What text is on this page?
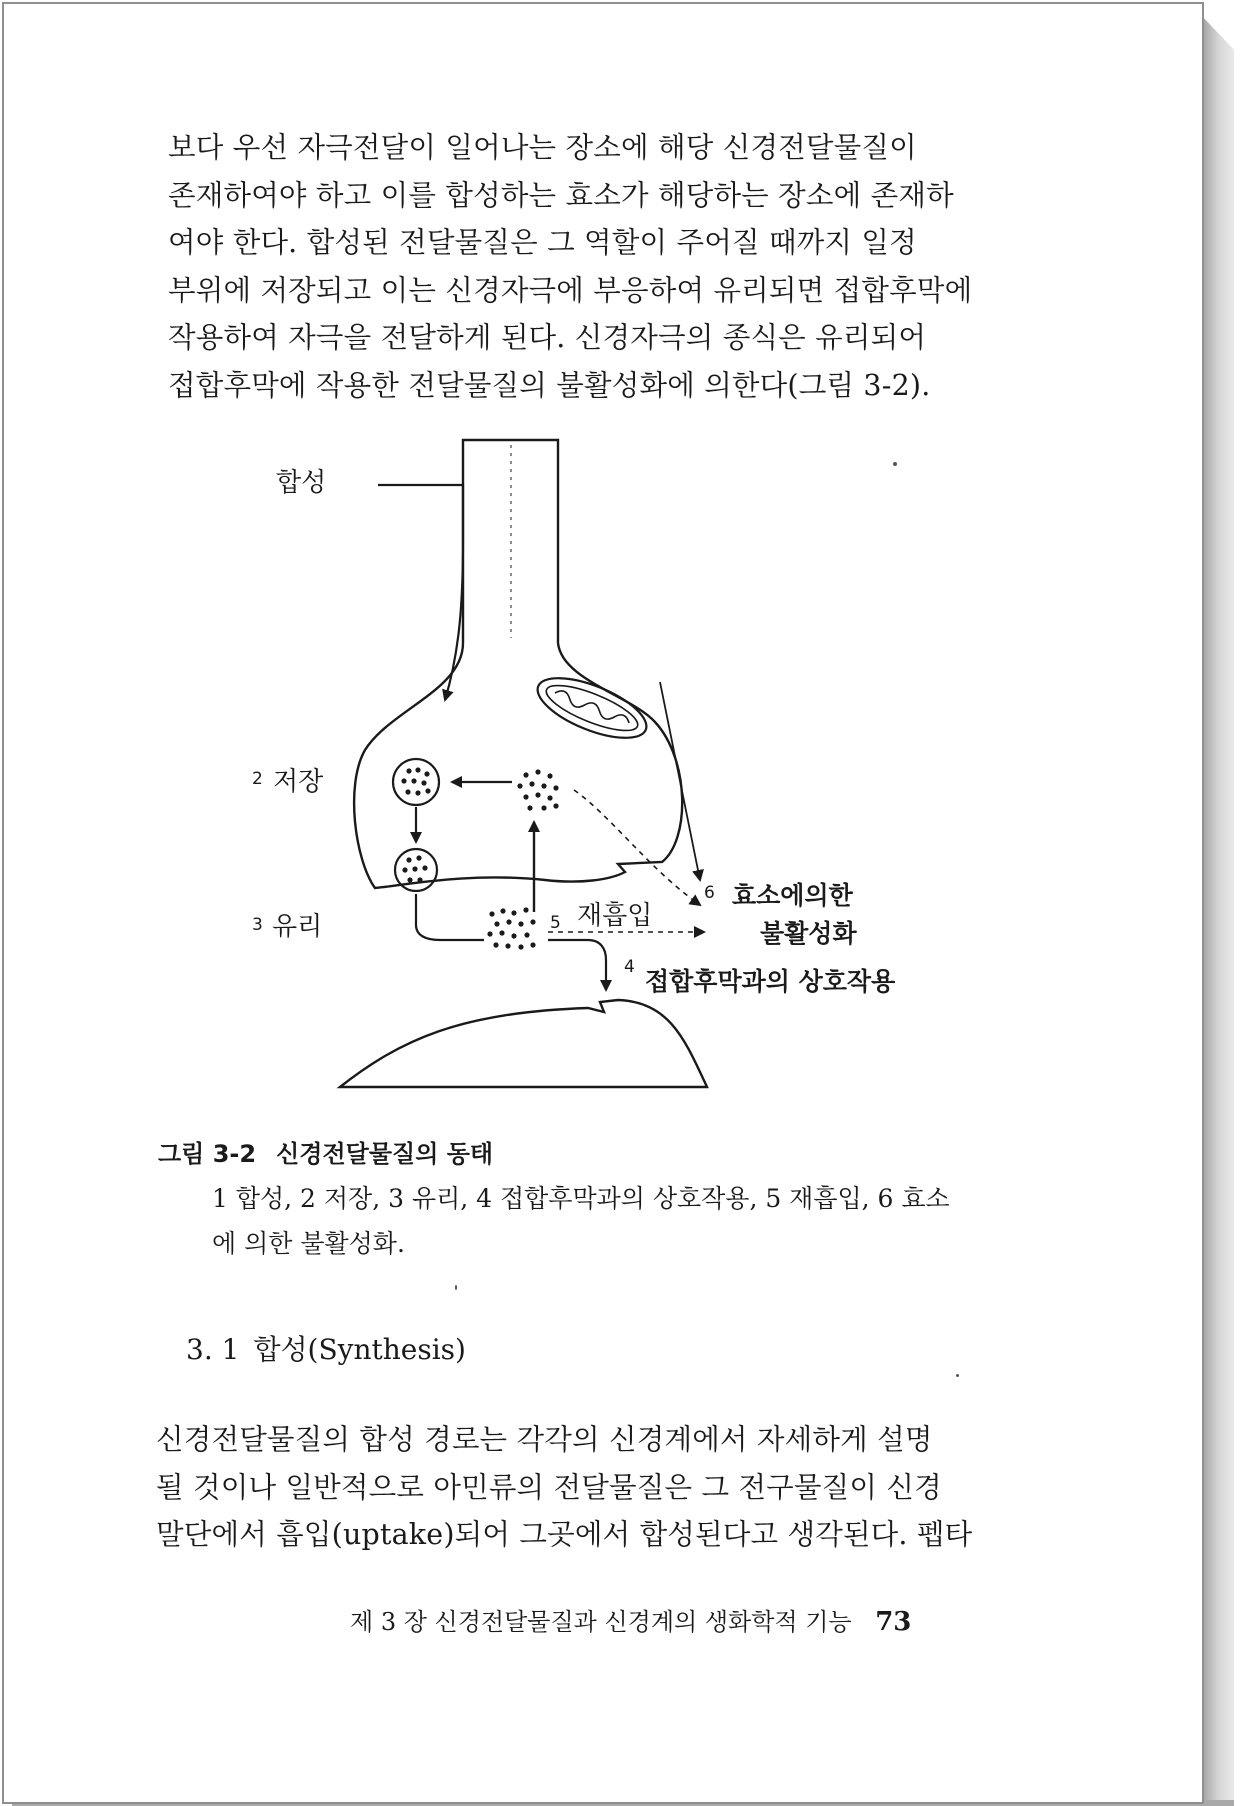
보다 우선 자극전달이 일어나는 장소에 해당 신경전달물질이
존재하여야 하고 이를 합성하는 효소가 해당하는 장소에 존재하
여야 한다. 합성된 전달물질은 그 역할이 주어질 때까지 일정
부위에 저장되고 이는 신경자극에 부응하여 유리되면 접합후막에
작용하여 자극을 전달하게 된다. 신경자극의 종식은 유리되어
접합후막에 작용한 전달물질의 불활성화에 의한다(그림 3-2).

합성
2 저장
3 유리	5 재흡입
4 접합후막과의 상호작용
6 효소에의한
불활성화

그림 3-2 신경전달물질의 동태

1 합성, 2 저장, 3 유리, 4 접합후막과의 상호작용, 5 재흡입, 6 효소
에 의한 불활성화.

3. 1 합성(Synthesis)

신경전달물질의 합성 경로는 각각의 신경계에서 자세하게 설명
될 것이나 일반적으로 아민류의 전달물질은 그 전구물질이 신경
말단에서 흡입(uptake)되어 그곳에서 합성된다고 생각된다. 펩타

제 3 장 신경전달물질과 신경계의 생화학적 기능 73
